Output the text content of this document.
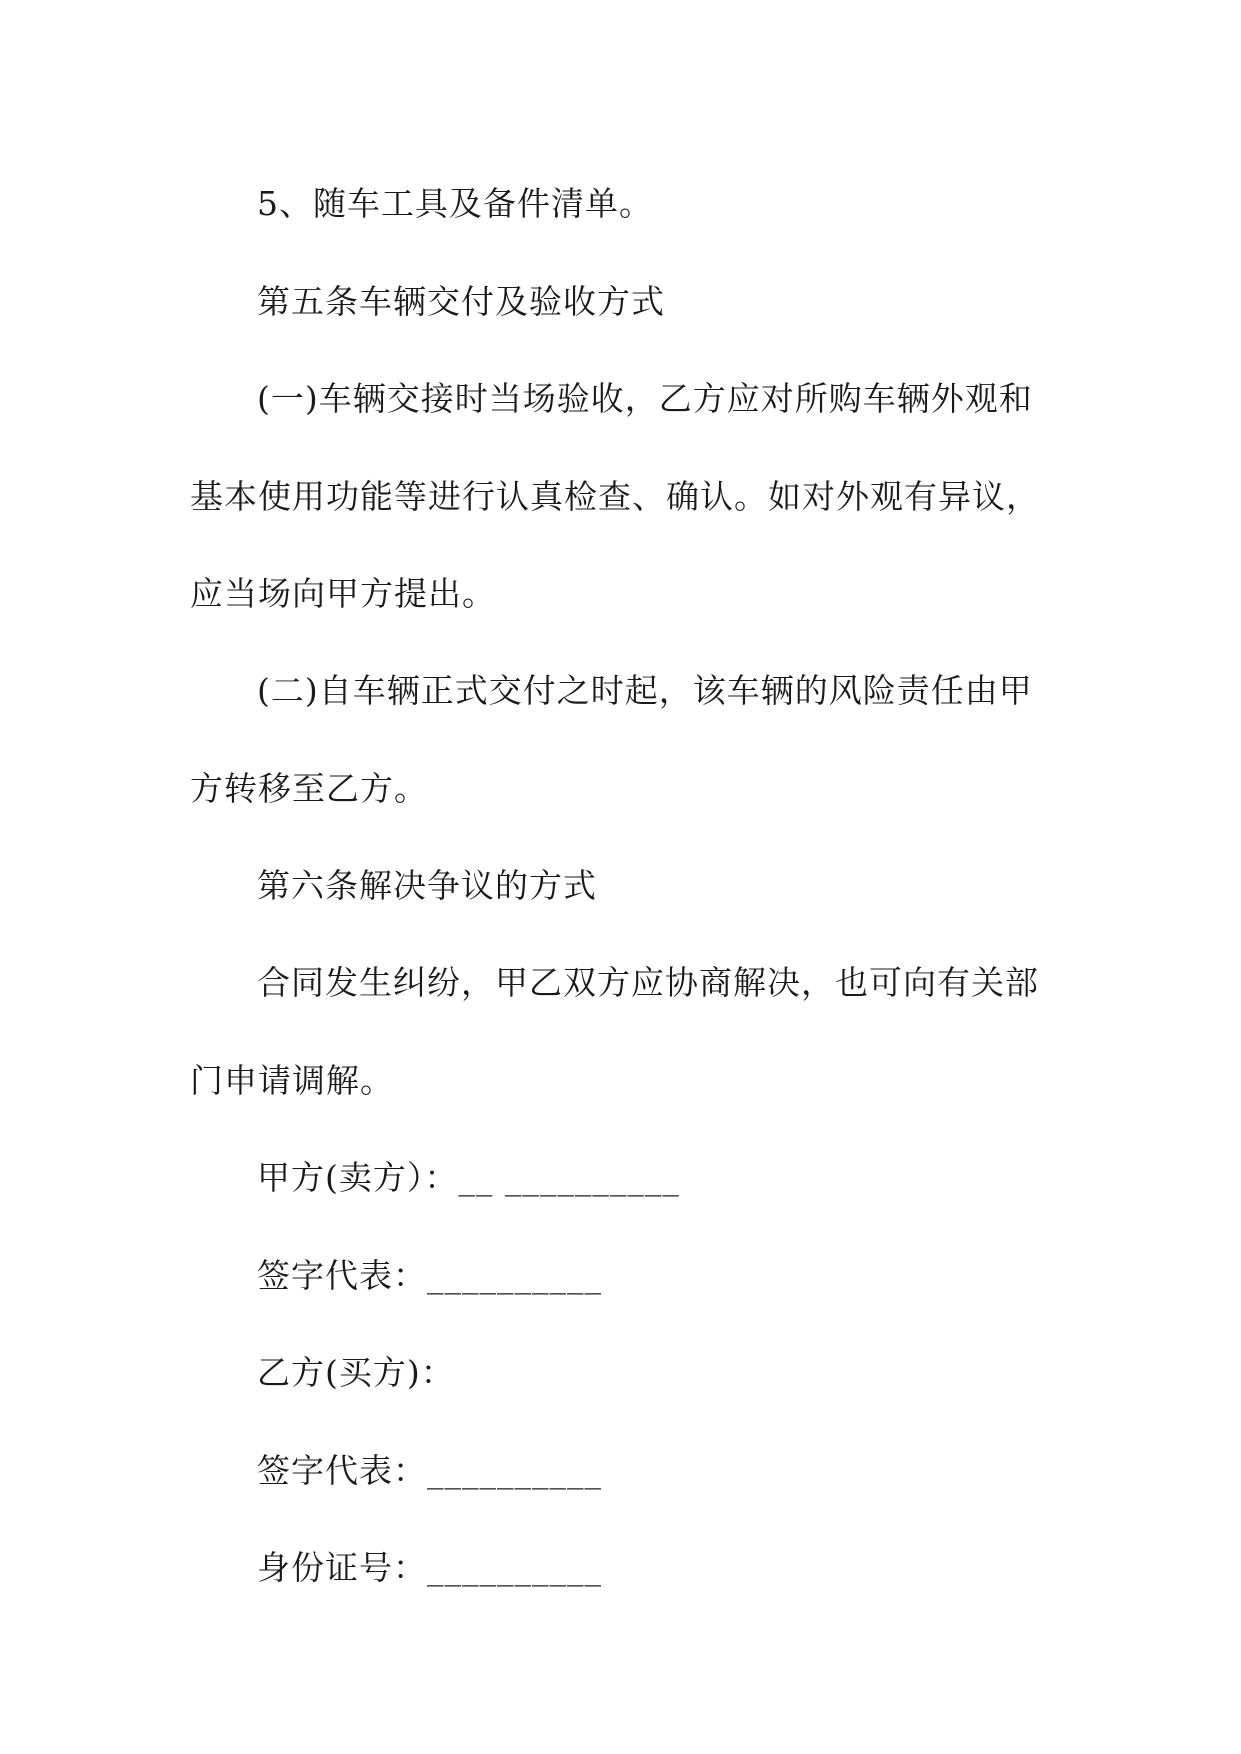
5、随车工具及备件清单。
第五条车辆交付及验收方式
(一)车辆交接时当场验收，乙方应对所购车辆外观和
基本使用功能等进行认真检查、确认。如对外观有异议，
应当场向甲方提出。
(二)自车辆正式交付之时起，该车辆的风险责任由甲
方转移至乙方。
第六条解决争议的方式
合同发生纠纷，甲乙双方应协商解决，也可向有关部
门申请调解。
甲方(卖方）：__ __________
签字代表：__________
乙方(买方)：
签字代表：__________
身份证号：__________
